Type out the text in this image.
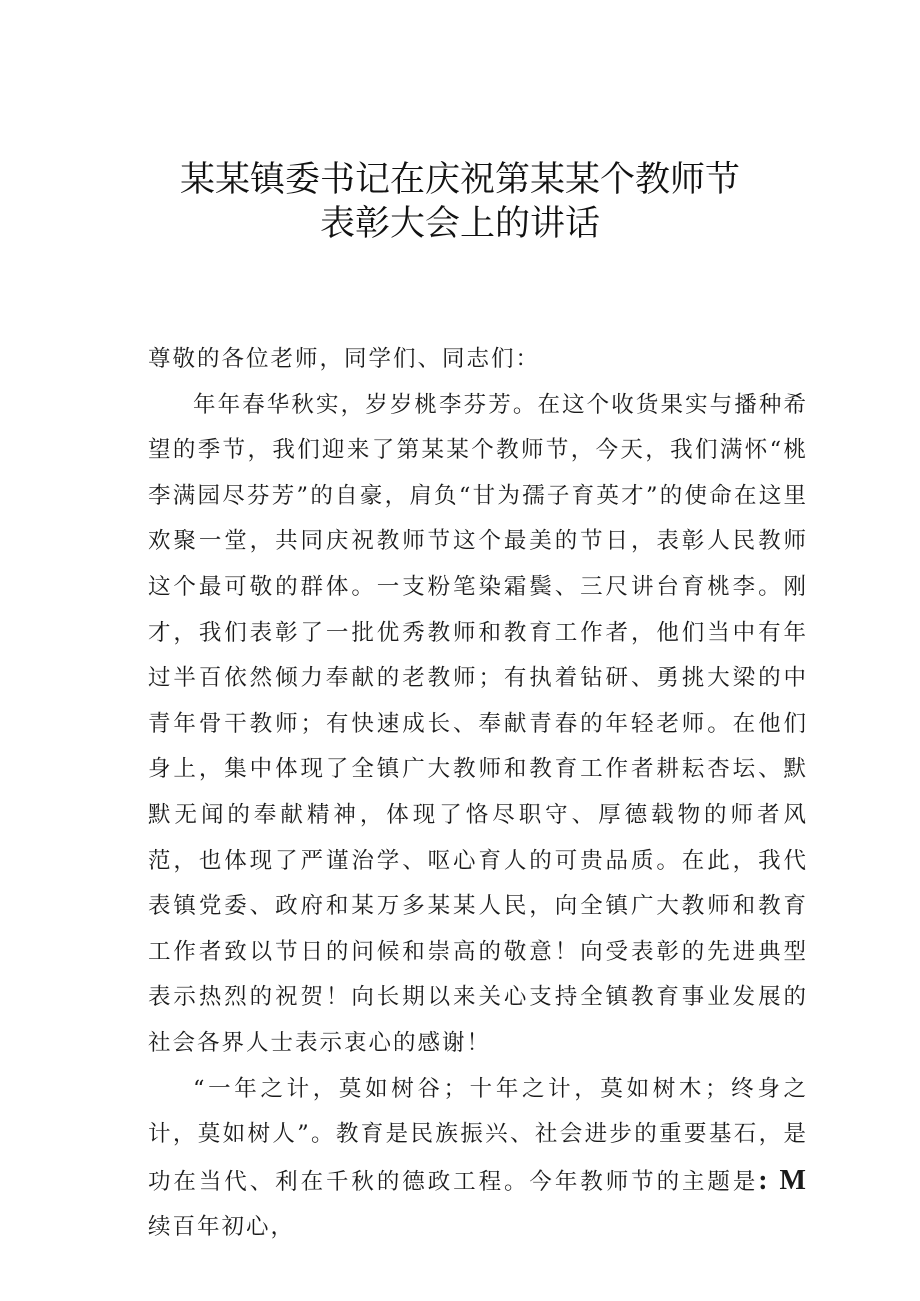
某某镇委书记在庆祝第某某个教师节
表彰大会上的讲话

尊敬的各位老师，同学们、同志们：

年年春华秋实，岁岁桃李芬芳。在这个收货果实与播种希望的季节，我们迎来了第某某个教师节，今天，我们满怀“桃李满园尽芬芳”的自豪，肩负“甘为孺子育英才”的使命在这里欢聚一堂，共同庆祝教师节这个最美的节日，表彰人民教师这个最可敬的群体。一支粉笔染霜鬓、三尺讲台育桃李。刚才，我们表彰了一批优秀教师和教育工作者，他们当中有年过半百依然倾力奉献的老教师；有执着钻研、勇挑大梁的中青年骨干教师；有快速成长、奉献青春的年轻老师。在他们身上，集中体现了全镇广大教师和教育工作者耕耘杏坛、默默无闻的奉献精神，体现了恪尽职守、厚德载物的师者风范，也体现了严谨治学、呕心育人的可贵品质。在此，我代表镇党委、政府和某万多某某人民，向全镇广大教师和教育工作者致以节日的问候和崇高的敬意！向受表彰的先进典型表示热烈的祝贺！向长期以来关心支持全镇教育事业发展的社会各界人士表示衷心的感谢！

“一年之计，莫如树谷；十年之计，莫如树木；终身之计，莫如树人”。教育是民族振兴、社会进步的重要基石，是功在当代、利在千秋的德政工程。今年教师节的主题是: M续百年初心，
